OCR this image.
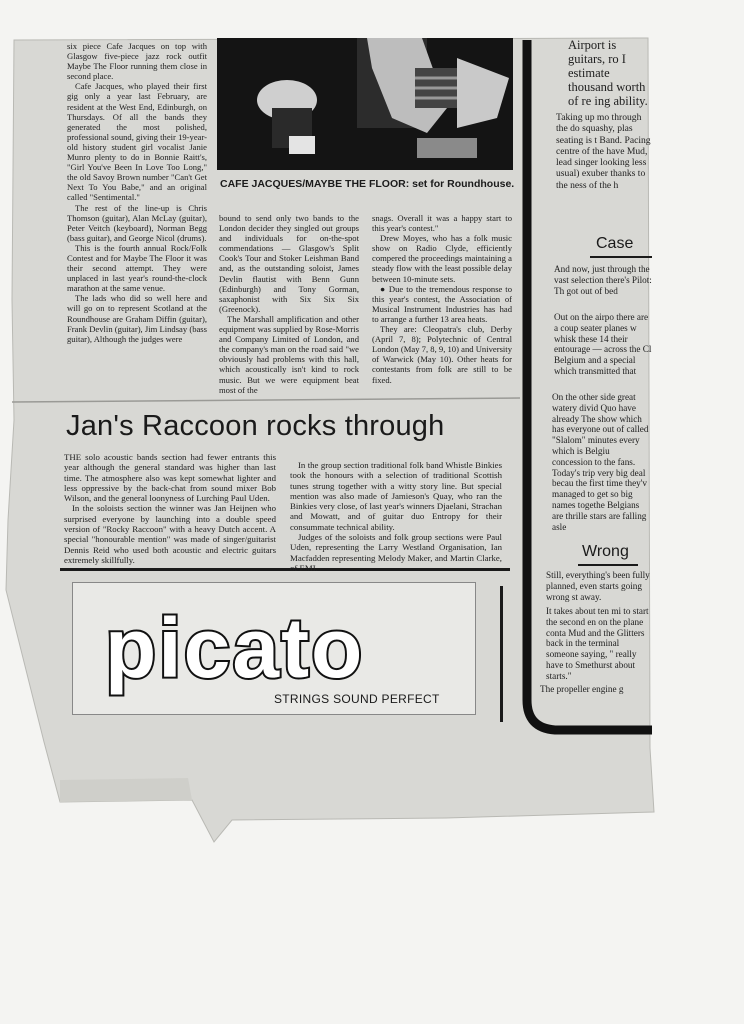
CAFE JACQUES/MAYBE THE FLOOR: set for Roundhouse.

six piece Cafe Jacques on top with Glasgow five-piece jazz rock outfit Maybe The Floor running them close in second place.

Cafe Jacques, who played their first gig only a year last February, are resident at the West End, Edinburgh, on Thursdays. Of all the bands they generated the most polished, professional sound, giving their 19-year-old history student girl vocalist Janie Munro plenty to do in Bonnie Raitt's, "Girl You've Been In Love Too Long," the old Savoy Brown number "Can't Get Next To You Babe," and an original called "Sentimental."

The rest of the line-up is Chris Thomson (guitar), Alan McLay (guitar), Peter Veitch (keyboard), Norman Begg (bass guitar), and George Nicol (drums).

This is the fourth annual Rock/Folk Contest and for Maybe The Floor it was their second attempt. They were unplaced in last year's round-the-clock marathon at the same venue.

The lads who did so well here and will go on to represent Scotland at the Roundhouse are Graham Diffin (guitar), Frank Devlin (guitar), Jim Lindsay (bass guitar), Although the judges were

bound to send only two bands to the London decider they singled out groups and individuals for on-the-spot commendations — Glasgow's Split Cook's Tour and Stoker Leishman Band and, as the outstanding soloist, James Devlin flautist with Benn Gunn (Edinburgh) and Tony Gorman, saxaphonist with Six Six Six (Greenock).

The Marshall amplification and other equipment was supplied by Rose-Morris and Company Limited of London, and the company's man on the road said "we obviously had problems with this hall, which acoustically isn't kind to rock music. But we were equipment beat most of the

snags. Overall it was a happy start to this year's contest."

Drew Moyes, who has a folk music show on Radio Clyde, efficiently compered the proceedings maintaining a steady flow with the least possible delay between 10-minute sets.

● Due to the tremendous response to this year's contest, the Association of Musical Instrument Industries has had to arrange a further 13 area heats.

They are: Cleopatra's club, Derby (April 7, 8); Polytechnic of Central London (May 7, 8, 9, 10) and University of Warwick (May 10). Other heats for contestants from folk are still to be fixed.

Jan's Raccoon rocks through

THE solo acoustic bands section had fewer entrants this year although the general standard was higher than last time. The atmosphere also was kept somewhat lighter and less oppressive by the back-chat from sound mixer Bob Wilson, and the general loonyness of Lurching Paul Uden.

In the soloists section the winner was Jan Heijnen who surprised everyone by launching into a double speed version of "Rocky Raccoon" with a heavy Dutch accent. A special "honourable mention" was made of singer/guitarist Dennis Reid who used both acoustic and electric guitars extremely skillfully.

In the group section traditional folk band Whistle Binkies took the honours with a selection of traditional Scottish tunes strung together with a witty story line. But special mention was also made of Jamieson's Quay, who ran the Binkies very close, of last year's winners Djaelani, Strachan and Mowatt, and of guitar duo Entropy for their consummate technical ability.

Judges of the soloists and folk group sections were Paul Uden, representing the Larry Westland Organisation, Ian Macfadden representing Melody Maker, and Martin Clarke, of EMI.

picato
STRINGS SOUND PERFECT
Airport is guitars, ro I estimate thousand worth of re ing ability.
Taking up mo through the do squashy, plas seating is t Band. Pacing centre of the have Mud, lead singer looking less usual) exuber thanks to the ness of the h
Case
And now, just through the vast selection there's Pilot: Th got out of bed
Out on the airpo there are a coup seater planes w whisk these 14 their entourage — across the Cl Belgium and a special which transmitted that
On the other side great watery divid Quo have already The show which has everyone out of called "Slalom" minutes every which is Belgiu concession to the fans. Today's trip very big deal becau the first time they'v managed to get so big names togethe Belgians are thrille stars are falling asle
Wrong
Still, everything's been fully planned, even starts going wrong st away.
It takes about ten mi to start the second en on the plane conta Mud and the Glitters back in the terminal someone saying, " really have to Smethurst about starts."
The propeller engine g
